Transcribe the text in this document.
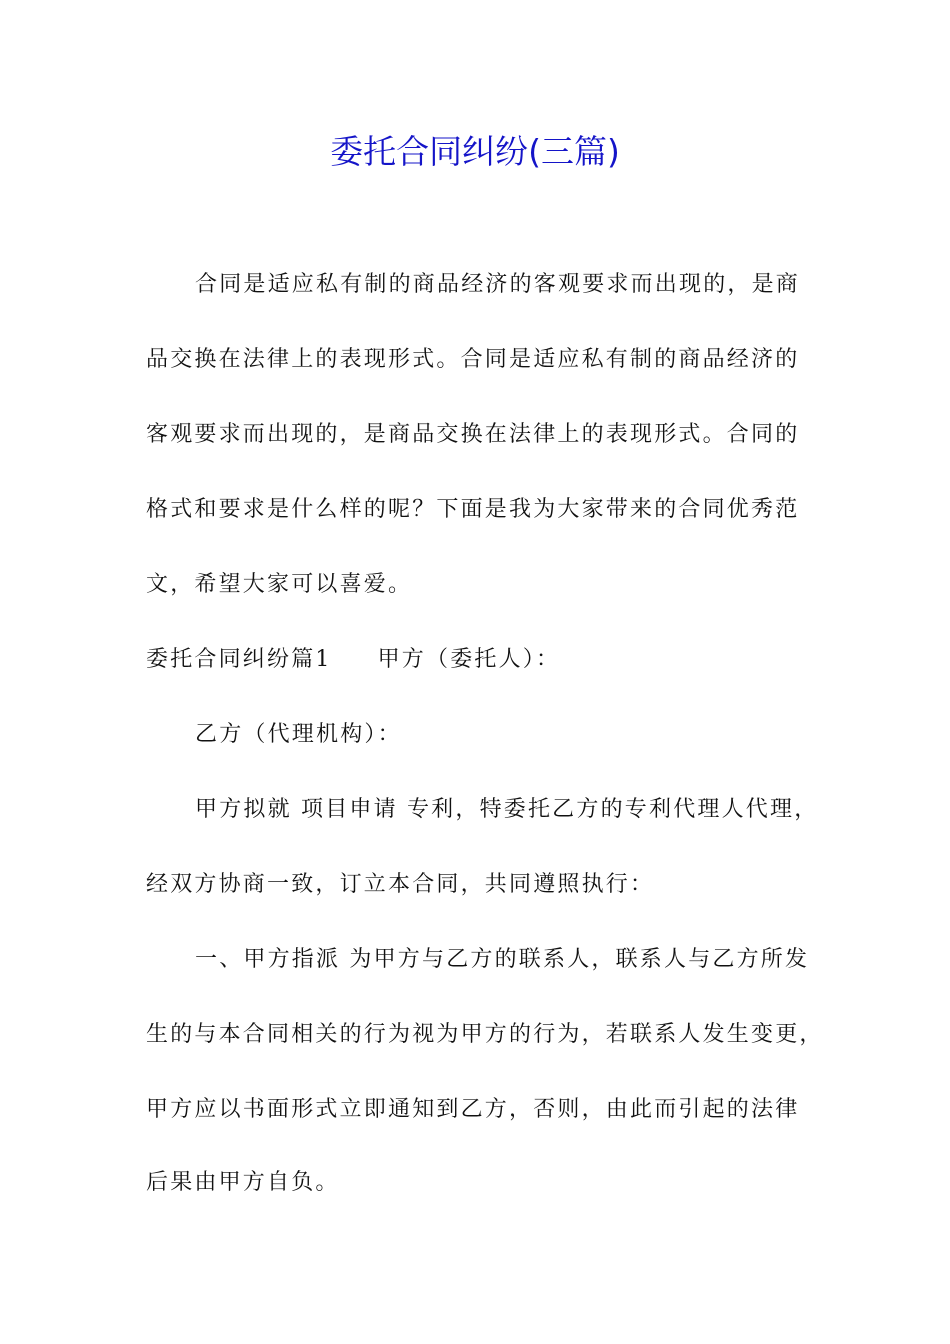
委托合同纠纷(三篇)
合同是适应私有制的商品经济的客观要求而出现的，是商
品交换在法律上的表现形式。合同是适应私有制的商品经济的
客观要求而出现的，是商品交换在法律上的表现形式。合同的
格式和要求是什么样的呢？下面是我为大家带来的合同优秀范
文，希望大家可以喜爱。
委托合同纠纷篇1 甲方（委托人）：
乙方（代理机构）：
甲方拟就 项目申请 专利，特委托乙方的专利代理人代理，
经双方协商一致，订立本合同，共同遵照执行：
一、甲方指派 为甲方与乙方的联系人，联系人与乙方所发
生的与本合同相关的行为视为甲方的行为，若联系人发生变更，
甲方应以书面形式立即通知到乙方，否则，由此而引起的法律
后果由甲方自负。
